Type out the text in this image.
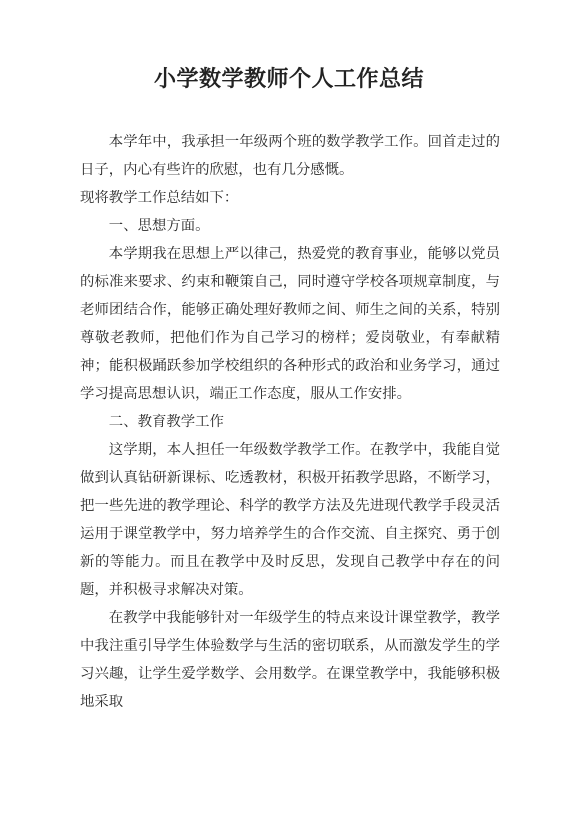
小学数学教师个人工作总结

本学年中，我承担一年级两个班的数学教学工作。回首走过的日子，内心有些许的欣慰，也有几分感慨。

现将教学工作总结如下：

一、思想方面。

本学期我在思想上严以律己，热爱党的教育事业，能够以党员的标准来要求、约束和鞭策自己，同时遵守学校各项规章制度，与老师团结合作，能够正确处理好教师之间、师生之间的关系，特别尊敬老教师，把他们作为自己学习的榜样；爱岗敬业，有奉献精神；能积极踊跃参加学校组织的各种形式的政治和业务学习，通过学习提高思想认识，端正工作态度，服从工作安排。

二、教育教学工作

这学期，本人担任一年级数学教学工作。在教学中，我能自觉做到认真钻研新课标、吃透教材，积极开拓教学思路，不断学习，把一些先进的教学理论、科学的教学方法及先进现代教学手段灵活运用于课堂教学中，努力培养学生的合作交流、自主探究、勇于创新的等能力。而且在教学中及时反思，发现自己教学中存在的问题，并积极寻求解决对策。

在教学中我能够针对一年级学生的特点来设计课堂教学，教学中我注重引导学生体验数学与生活的密切联系，从而激发学生的学习兴趣，让学生爱学数学、会用数学。在课堂教学中，我能够积极地采取
